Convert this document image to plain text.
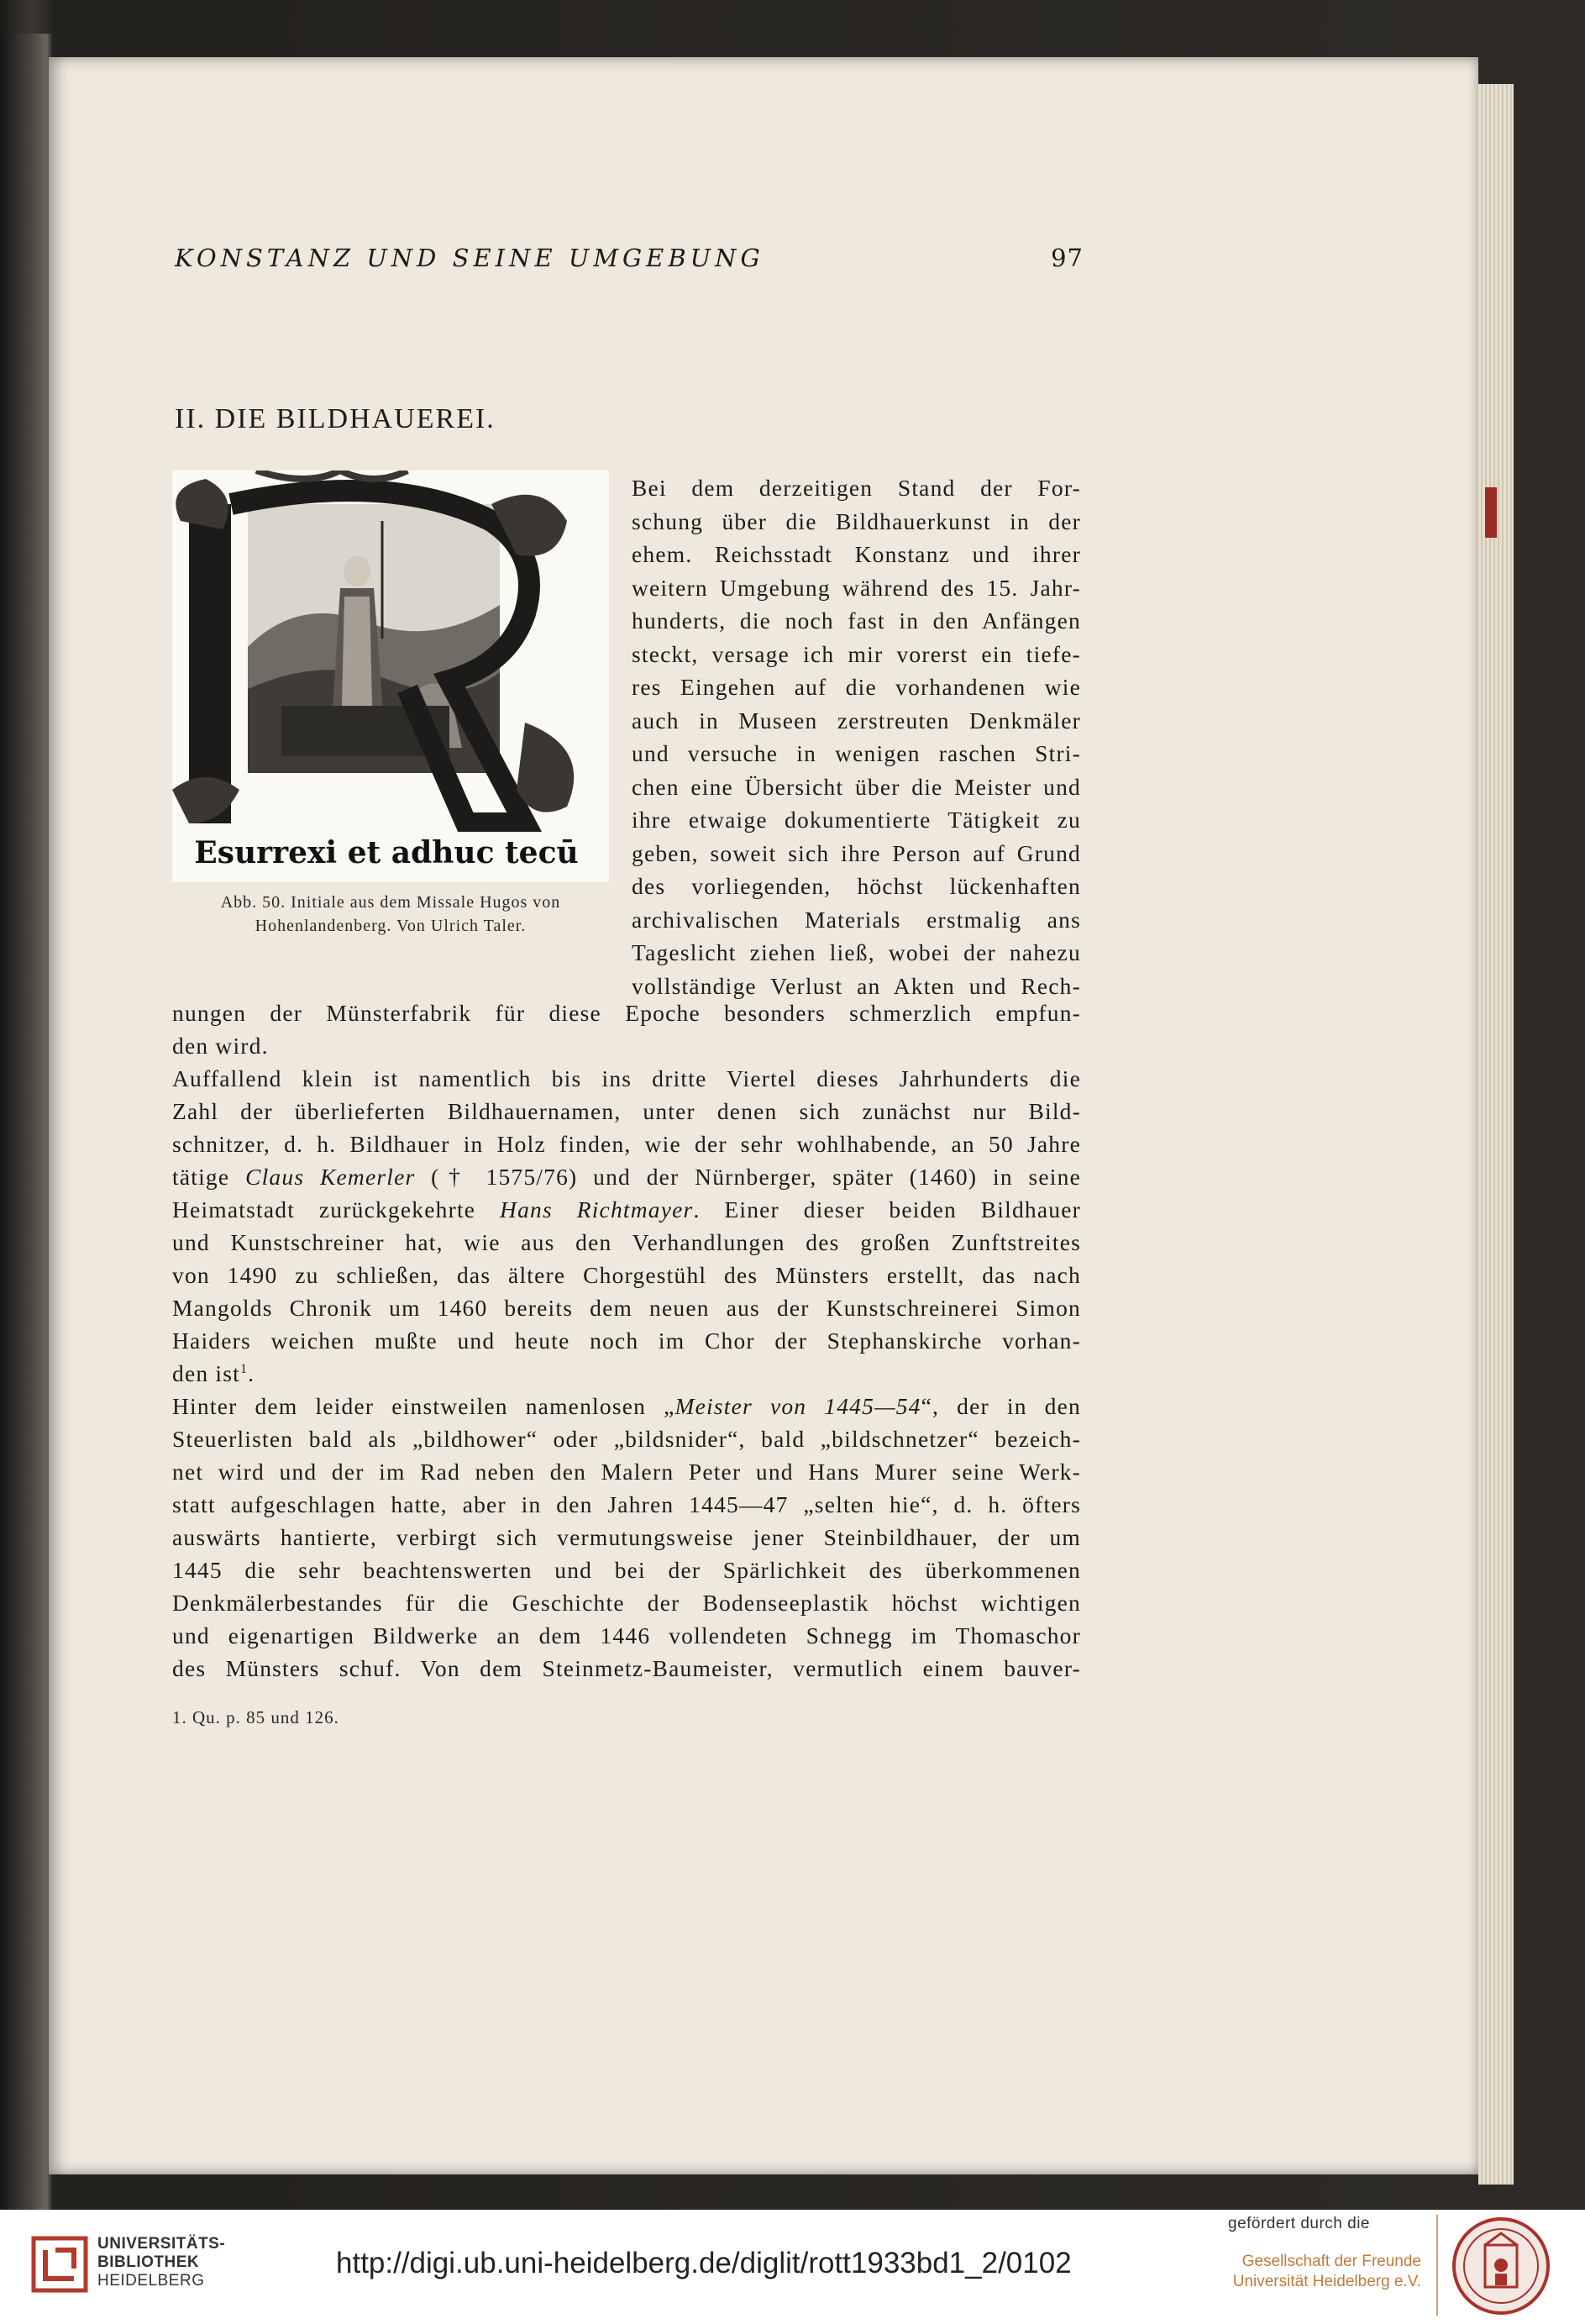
KONSTANZ UND SEINE UMGEBUNG	97
II. DIE BILDHAUEREI.
Esurrexi et adhuc tecū
Abb. 50. Initiale aus dem Missale Hugos von
Hohenlandenberg. Von Ulrich Taler.
Bei dem derzeitigen Stand der For-
schung über die Bildhauerkunst in der
ehem. Reichsstadt Konstanz und ihrer
weitern Umgebung während des 15. Jahr-
hunderts, die noch fast in den Anfängen
steckt, versage ich mir vorerst ein tiefe-
res Eingehen auf die vorhandenen wie
auch in Museen zerstreuten Denkmäler
und versuche in wenigen raschen Stri-
chen eine Übersicht über die Meister und
ihre etwaige dokumentierte Tätigkeit zu
geben, soweit sich ihre Person auf Grund
des vorliegenden, höchst lückenhaften
archivalischen Materials erstmalig ans
Tageslicht ziehen ließ, wobei der nahezu
vollständige Verlust an Akten und Rech-
nungen der Münsterfabrik für diese Epoche besonders schmerzlich empfun-
den wird.
Auffallend klein ist namentlich bis ins dritte Viertel dieses Jahrhunderts die
Zahl der überlieferten Bildhauernamen, unter denen sich zunächst nur Bild-
schnitzer, d. h. Bildhauer in Holz finden, wie der sehr wohlhabende, an 50 Jahre
tätige Claus Kemerler († 1575/76) und der Nürnberger, später (1460) in seine
Heimatstadt zurückgekehrte Hans Richtmayer. Einer dieser beiden Bildhauer
und Kunstschreiner hat, wie aus den Verhandlungen des großen Zunftstreites
von 1490 zu schließen, das ältere Chorgestühl des Münsters erstellt, das nach
Mangolds Chronik um 1460 bereits dem neuen aus der Kunstschreinerei Simon
Haiders weichen mußte und heute noch im Chor der Stephanskirche vorhan-
den ist$^1$.
Hinter dem leider einstweilen namenlosen „Meister von 1445—54“, der in den
Steuerlisten bald als „bildhower“ oder „bildsnider“, bald „bildschnetzer“ bezeich-
net wird und der im Rad neben den Malern Peter und Hans Murer seine Werk-
statt aufgeschlagen hatte, aber in den Jahren 1445—47 „selten hie“, d. h. öfters
auswärts hantierte, verbirgt sich vermutungsweise jener Steinbildhauer, der um
1445 die sehr beachtenswerten und bei der Spärlichkeit des überkommenen
Denkmälerbestandes für die Geschichte der Bodenseeplastik höchst wichtigen
und eigenartigen Bildwerke an dem 1446 vollendeten Schnegg im Thomaschor
des Münsters schuf. Von dem Steinmetz-Baumeister, vermutlich einem bauver-
1. Qu. p. 85 und 126.
UNIVERSITÄTS-
BIBLIOTHEK
HEIDELBERG
http://digi.ub.uni-heidelberg.de/diglit/rott1933bd1_2/0102
gefördert durch die
Gesellschaft der Freunde
Universität Heidelberg e.V.
